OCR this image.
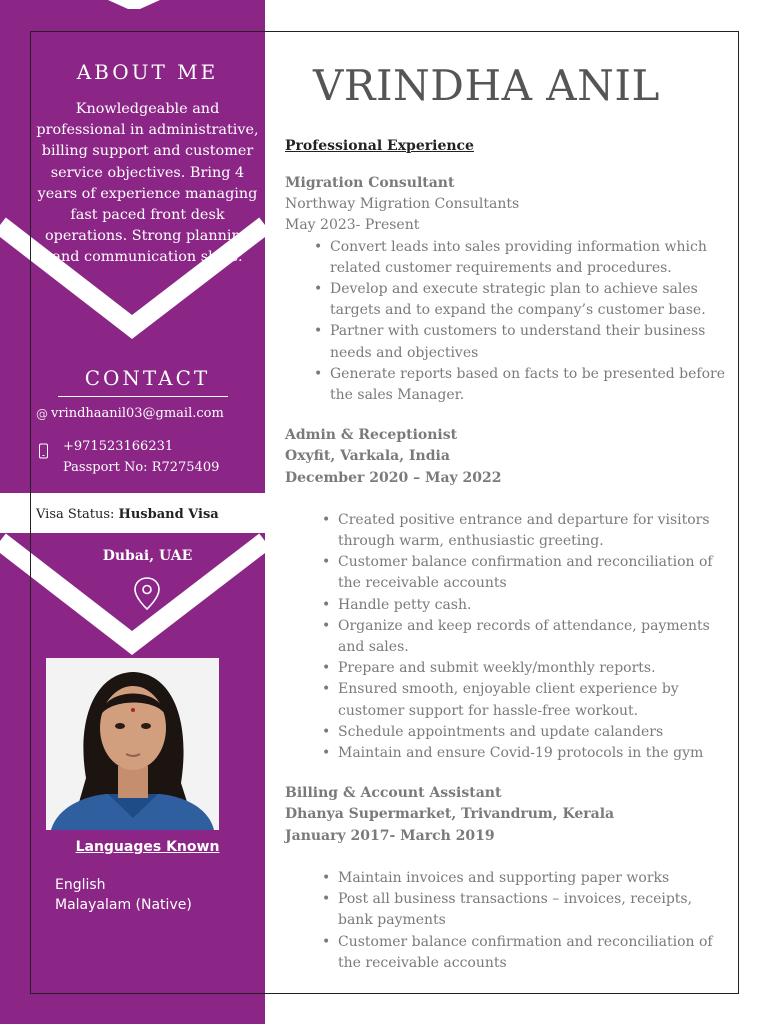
ABOUT ME
Knowledgeable and professional in administrative, billing support and customer service objectives. Bring 4 years of experience managing fast paced front desk operations. Strong planning and communication skills.
CONTACT
@ vrindhaanil03@gmail.com
+971523166231
Passport No: R7275409
Visa Status: Husband Visa
Dubai, UAE
Languages Known
English
Malayalam (Native)
VRINDHA ANIL
Professional Experience
Migration Consultant
Northway Migration Consultants
May 2023- Present
• Convert leads into sales providing information which related customer requirements and procedures.
• Develop and execute strategic plan to achieve sales targets and to expand the company’s customer base.
• Partner with customers to understand their business needs and objectives
• Generate reports based on facts to be presented before the sales Manager.
Admin & Receptionist
Oxyfit, Varkala, India
December 2020 – May 2022
• Created positive entrance and departure for visitors through warm, enthusiastic greeting.
• Customer balance confirmation and reconciliation of the receivable accounts
• Handle petty cash.
• Organize and keep records of attendance, payments and sales.
• Prepare and submit weekly/monthly reports.
• Ensured smooth, enjoyable client experience by customer support for hassle-free workout.
• Schedule appointments and update calanders
• Maintain and ensure Covid-19 protocols in the gym
Billing & Account Assistant
Dhanya Supermarket, Trivandrum, Kerala
January 2017- March 2019
• Maintain invoices and supporting paper works
• Post all business transactions – invoices, receipts, bank payments
• Customer balance confirmation and reconciliation of the receivable accounts
